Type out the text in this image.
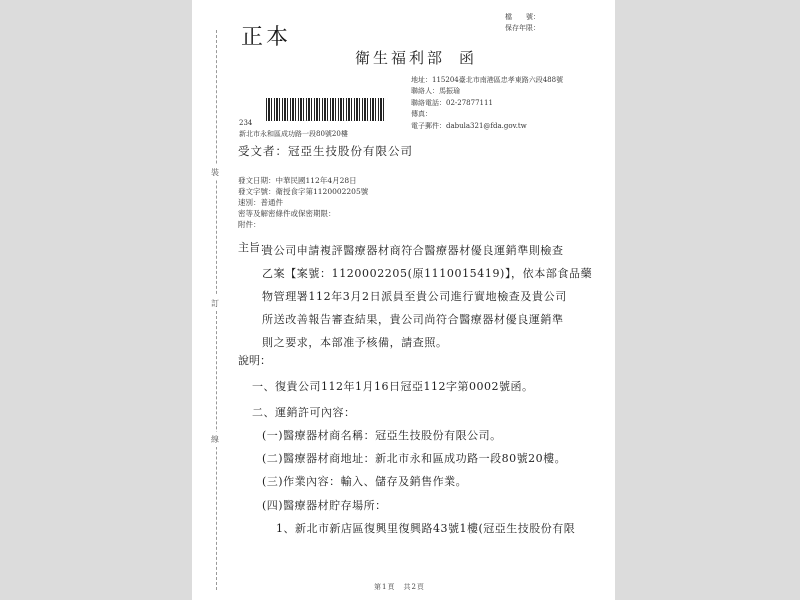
裝
訂
線
正本
檔　　號：
保存年限：
衛生福利部 函
地址：115204臺北市南港區忠孝東路六段488號
聯絡人：馬振瑜
聯絡電話：02-27877111
傳真：
電子郵件：dabula321@fda.gov.tw
234
新北市永和區成功路一段80號20樓
受文者：冠亞生技股份有限公司
發文日期：中華民國112年4月28日
發文字號：衛授食字第1120002205號
速別：普通件
密等及解密條件或保密期限：
附件：
主旨：
貴公司申請複評醫療器材商符合醫療器材優良運銷準則檢查
乙案【案號：1120002205(原1110015419)】，依本部食品藥
物管理署112年3月2日派員至貴公司進行實地檢查及貴公司
所送改善報告審查結果，貴公司尚符合醫療器材優良運銷準
則之要求，本部准予核備，請查照。
說明：
一、復貴公司112年1月16日冠亞112字第0002號函。
二、運銷許可內容：
(一)醫療器材商名稱：冠亞生技股份有限公司。
(二)醫療器材商地址：新北市永和區成功路一段80號20樓。
(三)作業內容：輸入、儲存及銷售作業。
(四)醫療器材貯存場所：
1、新北市新店區復興里復興路43號1樓(冠亞生技股份有限
第1頁　共2頁
